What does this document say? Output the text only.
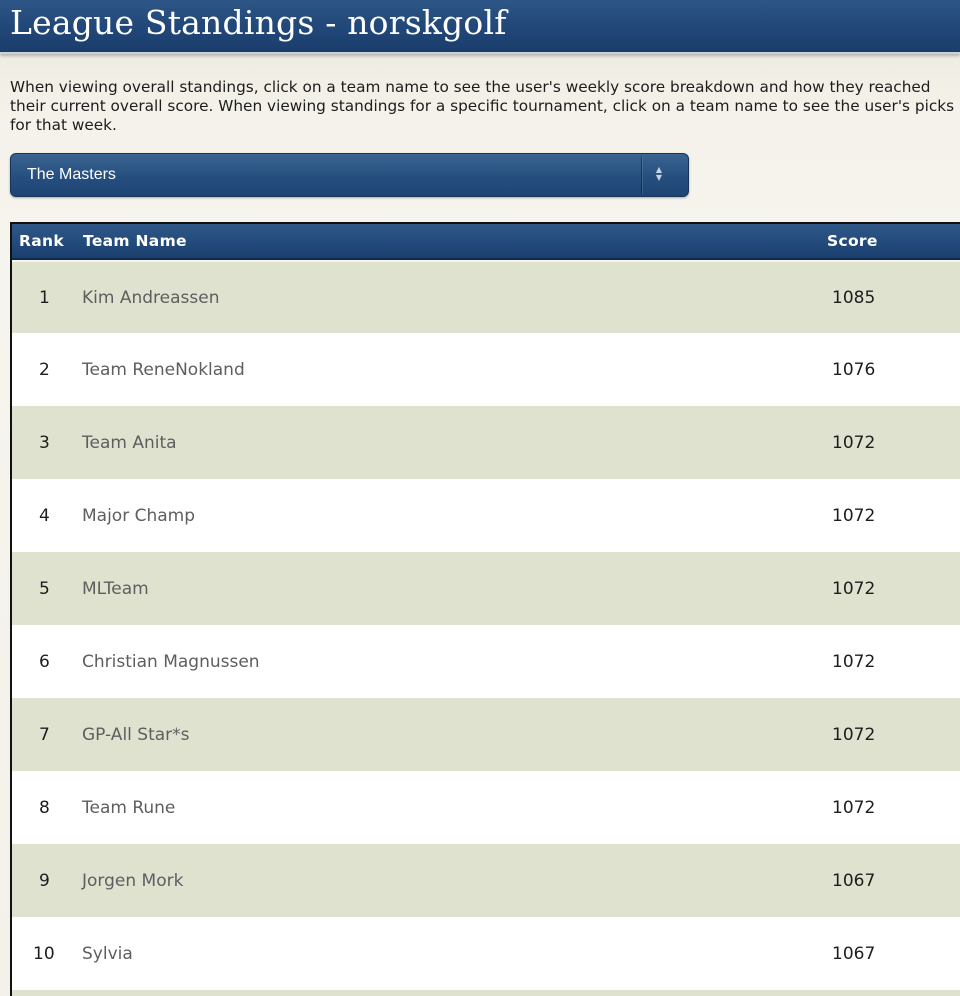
League Standings - norskgolf

When viewing overall standings, click on a team name to see the user's weekly score breakdown and how they reached their current overall score. When viewing standings for a specific tournament, click on a team name to see the user's picks for that week.

The Masters	▲
▼
Rank Team Name	Score
1 Kim Andreassen	1085
2 Team ReneNokland	1076
3 Team Anita	1072
4 Major Champ	1072
5 MLTeam	1072
6 Christian Magnussen	1072
7 GP-All Star*s	1072
8 Team Rune	1072
9 Jorgen Mork	1067
10 Sylvia	1067
